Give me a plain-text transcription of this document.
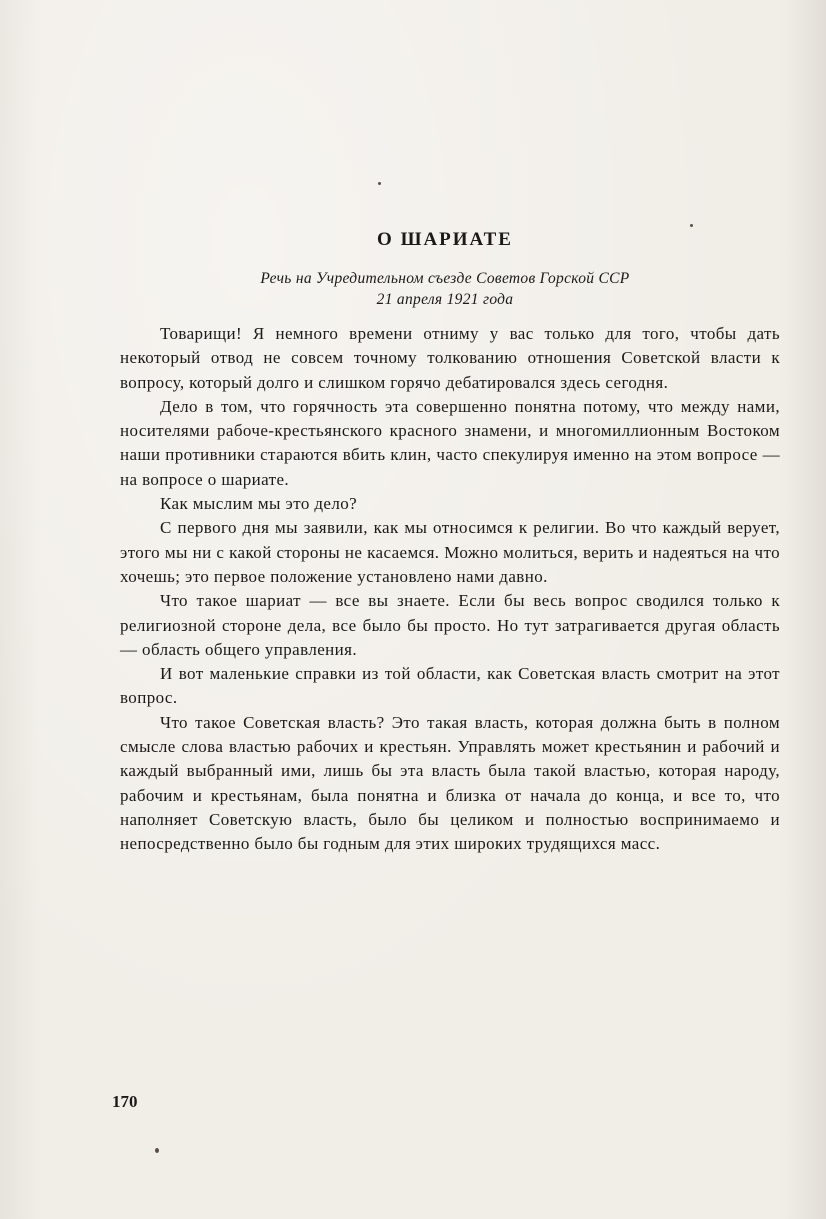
О ШАРИАТЕ
Речь на Учредительном съезде Советов Горской ССР
21 апреля 1921 года

Товарищи! Я немного времени отниму у вас только для того, чтобы дать некоторый отвод не совсем точному толкованию отношения Советской власти к вопросу, который долго и слишком горячо дебатировался здесь сегодня.

Дело в том, что горячность эта совершенно понятна потому, что между нами, носителями рабоче-крестьянского красного знамени, и многомиллионным Востоком наши противники стараются вбить клин, часто спекулируя именно на этом вопросе — на вопросе о шариате.

Как мыслим мы это дело?

С первого дня мы заявили, как мы относимся к религии. Во что каждый верует, этого мы ни с какой стороны не касаемся. Можно молиться, верить и надеяться на что хочешь; это первое положение установлено нами давно.

Что такое шариат — все вы знаете. Если бы весь вопрос сводился только к религиозной стороне дела, все было бы просто. Но тут затрагивается другая область — область общего управления.

И вот маленькие справки из той области, как Советская власть смотрит на этот вопрос.

Что такое Советская власть? Это такая власть, которая должна быть в полном смысле слова властью рабочих и крестьян. Управлять может крестьянин и рабочий и каждый выбранный ими, лишь бы эта власть была такой властью, которая народу, рабочим и крестьянам, была понятна и близка от начала до конца, и все то, что наполняет Советскую власть, было бы целиком и полностью воспринимаемо и непосредственно было бы годным для этих широких трудящихся масс.

170
